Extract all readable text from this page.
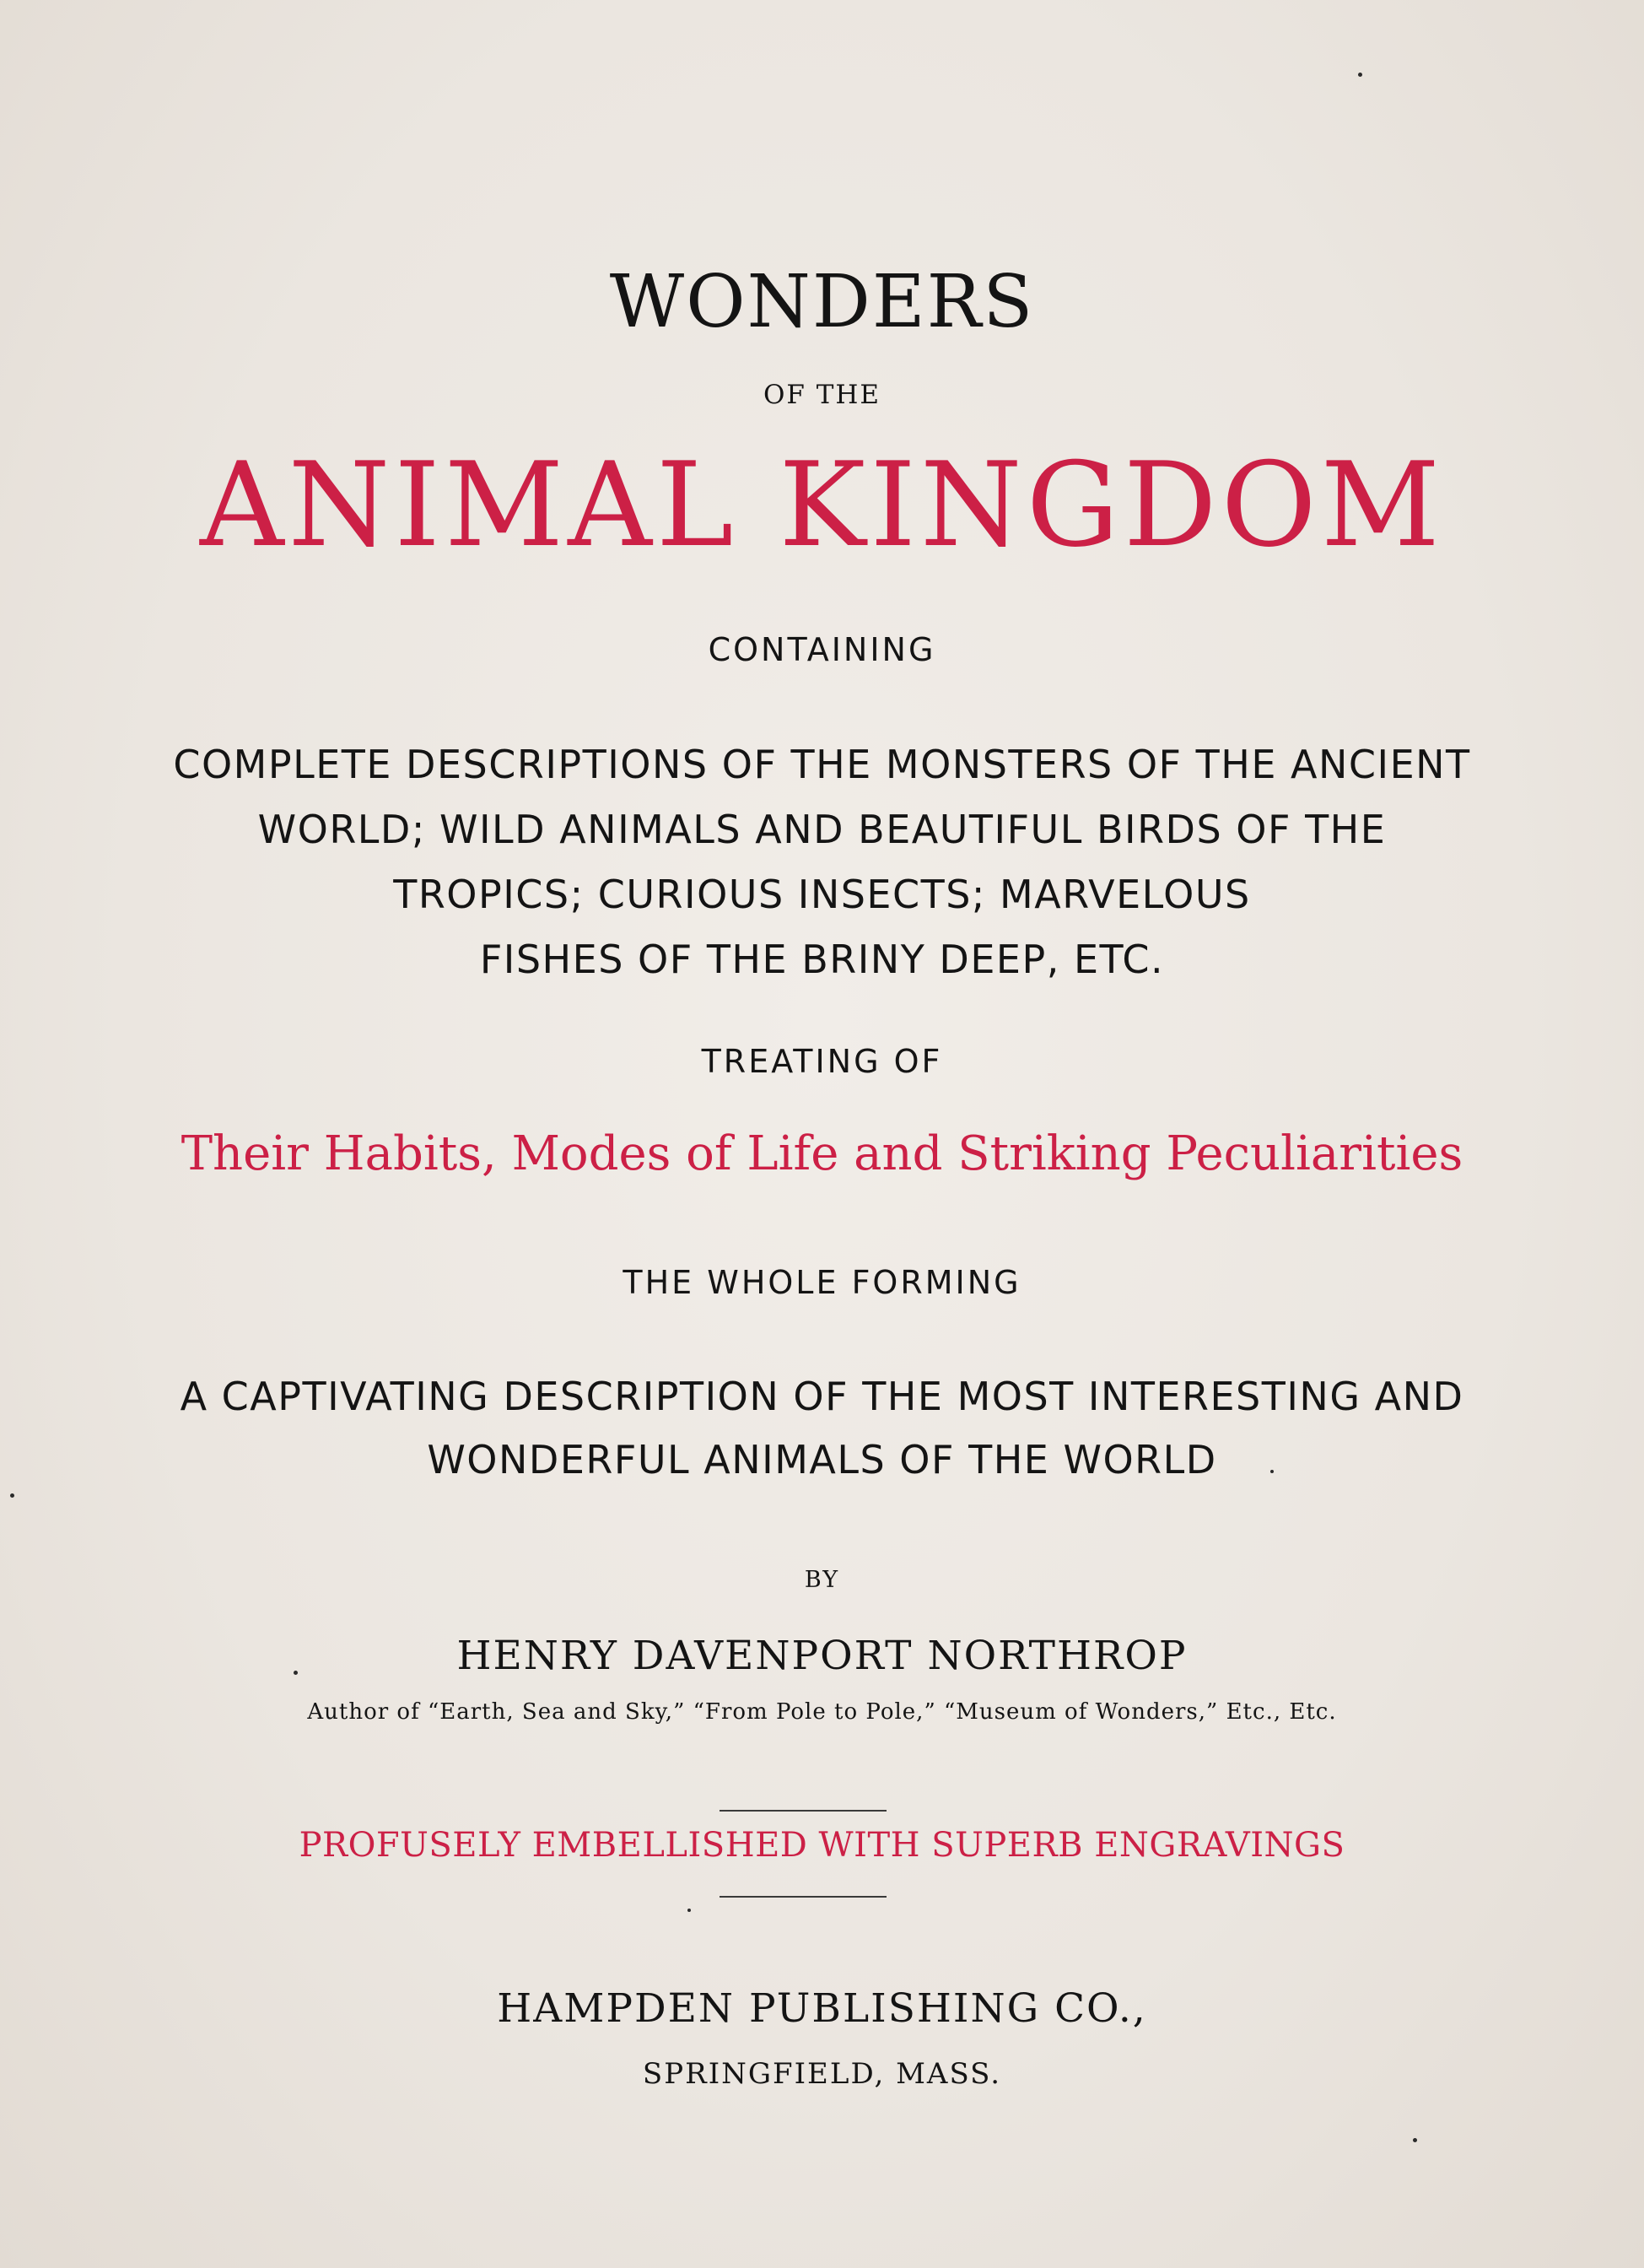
WONDERS
OF THE
ANIMAL KINGDOM
CONTAINING
COMPLETE DESCRIPTIONS OF THE MONSTERS OF THE ANCIENT
WORLD; WILD ANIMALS AND BEAUTIFUL BIRDS OF THE
TROPICS; CURIOUS INSECTS; MARVELOUS
FISHES OF THE BRINY DEEP, ETC.
TREATING OF
Their Habits, Modes of Life and Striking Peculiarities
THE WHOLE FORMING
A CAPTIVATING DESCRIPTION OF THE MOST INTERESTING AND
WONDERFUL ANIMALS OF THE WORLD
BY
HENRY DAVENPORT NORTHROP
Author of “Earth, Sea and Sky,” “From Pole to Pole,” “Museum of Wonders,” Etc., Etc.
PROFUSELY EMBELLISHED WITH SUPERB ENGRAVINGS
HAMPDEN PUBLISHING CO.,
SPRINGFIELD, MASS.
